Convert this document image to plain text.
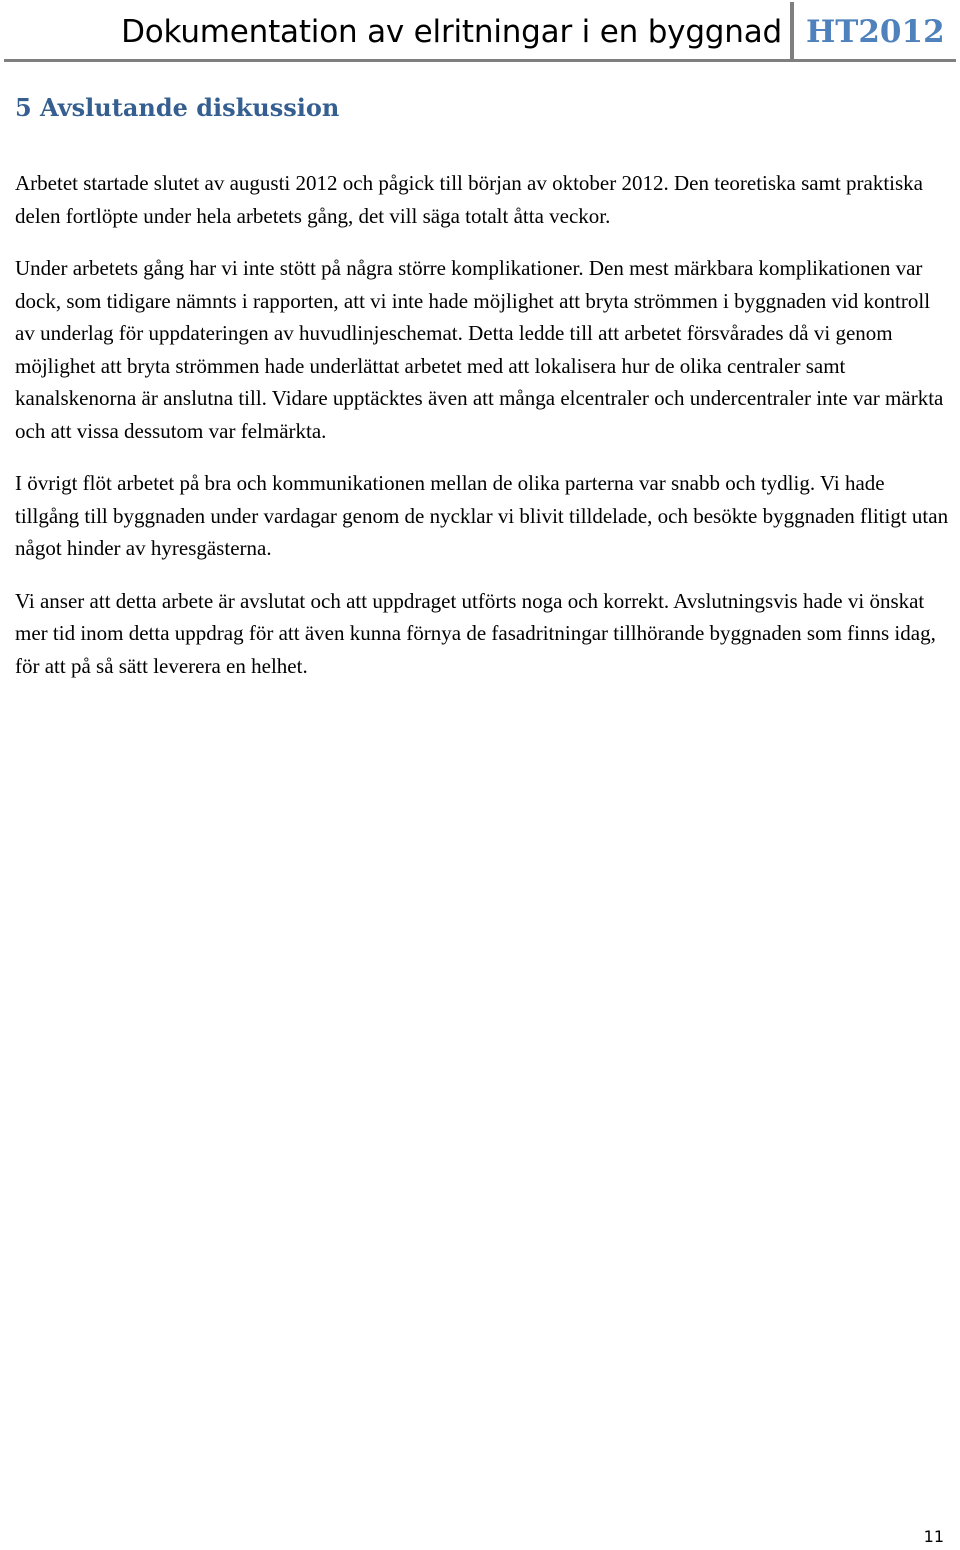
Dokumentation av elritningar i en byggnad HT2012
5 Avslutande diskussion

Arbetet startade slutet av augusti 2012 och pågick till början av oktober 2012. Den teoretiska samt praktiska delen fortlöpte under hela arbetets gång, det vill säga totalt åtta veckor.

Under arbetets gång har vi inte stött på några större komplikationer. Den mest märkbara komplikationen var dock, som tidigare nämnts i rapporten, att vi inte hade möjlighet att bryta strömmen i byggnaden vid kontroll av underlag för uppdateringen av huvudlinjeschemat. Detta ledde till att arbetet försvårades då vi genom möjlighet att bryta strömmen hade underlättat arbetet med att lokalisera hur de olika centraler samt kanalskenorna är anslutna till. Vidare upptäcktes även att många elcentraler och undercentraler inte var märkta och att vissa dessutom var felmärkta.

I övrigt flöt arbetet på bra och kommunikationen mellan de olika parterna var snabb och tydlig. Vi hade tillgång till byggnaden under vardagar genom de nycklar vi blivit tilldelade, och besökte byggnaden flitigt utan något hinder av hyresgästerna.

Vi anser att detta arbete är avslutat och att uppdraget utförts noga och korrekt. Avslutningsvis hade vi önskat mer tid inom detta uppdrag för att även kunna förnya de fasadritningar tillhörande byggnaden som finns idag, för att på så sätt leverera en helhet.

11
